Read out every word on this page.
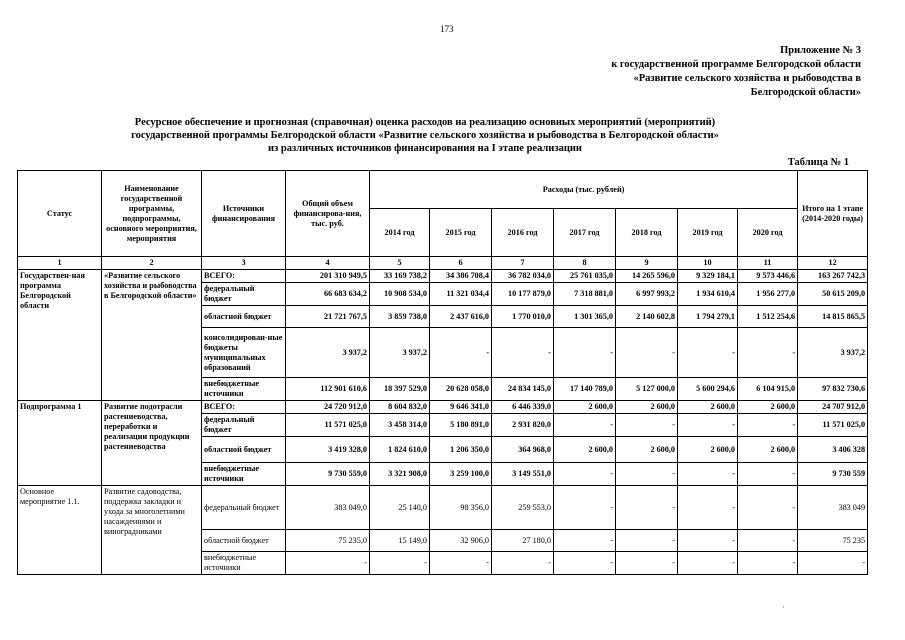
173
Приложение № 3
к государственной программе Белгородской области
«Развитие сельского хозяйства и рыбоводства в
Белгородской области»
Ресурсное обеспечение и прогнозная (справочная) оценка расходов на реализацию основных мероприятий (мероприятий)
государственной программы Белгородской области «Развитие сельского хозяйства и рыбоводства в Белгородской области»
из различных источников финансирования на I этапе реализации
Таблица № 1
Статус	Наименование государственной программы, подпрограммы, основного мероприятия, мероприятия	Источники финансирования	Общий объем финансирова-ния, тыс. руб.	Расходы (тыс. рублей)							Итого на 1 этапе (2014-2020 годы)
				2014 год	2015 год	2016 год	2017 год	2018 год	2019 год	2020 год	
1	2	3	4	5	6	7	8	9	10	11	12
Государствен-ная программа Белгородской области	«Развитие сельского хозяйства и рыбоводства в Белгородской области»	ВСЕГО:	201 310 949,5	33 169 738,2	34 386 708,4	36 782 034,0	25 761 035,0	14 265 596,0	9 329 184,1	9 573 446,6	163 267 742,3
		федеральный бюджет	66 683 634,2	10 908 534,0	11 321 034,4	10 177 879,0	7 318 881,0	6 997 993,2	1 934 610,4	1 956 277,0	50 615 209,0
		областной бюджет	21 721 767,5	3 859 738,0	2 437 616,0	1 770 010,0	1 301 365,0	2 140 602,8	1 794 279,1	1 512 254,6	14 815 865,5
		консолидирован-ные бюджеты муниципальных образований	3 937,2	3 937,2	-	-	-	-	-	-	3 937,2
		внебюджетные источники	112 901 610,6	18 397 529,0	20 628 058,0	24 834 145,0	17 140 789,0	5 127 000,0	5 600 294,6	6 104 915,0	97 832 730,6
Подпрограмма 1	Развитие подотрасли растениеводства, переработки и реализации продукции растениеводства	ВСЕГО:	24 720 912,0	8 604 832,0	9 646 341,0	6 446 339,0	2 600,0	2 600,0	2 600,0	2 600,0	24 707 912,0
		федеральный бюджет	11 571 025,0	3 458 314,0	5 180 891,0	2 931 820,0	-	-	-	-	11 571 025,0
		областной бюджет	3 419 328,0	1 824 610,0	1 206 350,0	364 968,0	2 600,0	2 600,0	2 600,0	2 600,0	3 406 328
		внебюджетные источники	9 730 559,0	3 321 908,0	3 259 100,0	3 149 551,0	-	-	-	-	9 730 559
Основное мероприятие 1.1.	Развитие садоводства, поддержка закладки и ухода за многолетними насаждениями и виноградниками	федеральный бюджет	383 049,0	25 140,0	98 356,0	259 553,0	-	-	-	-	383 049
		областной бюджет	75 235,0	15 149,0	32 906,0	27 180,0	-	-	-	-	75 235
		внебюджетные источники	-	-	-	-	-	-	-	-	-
·
